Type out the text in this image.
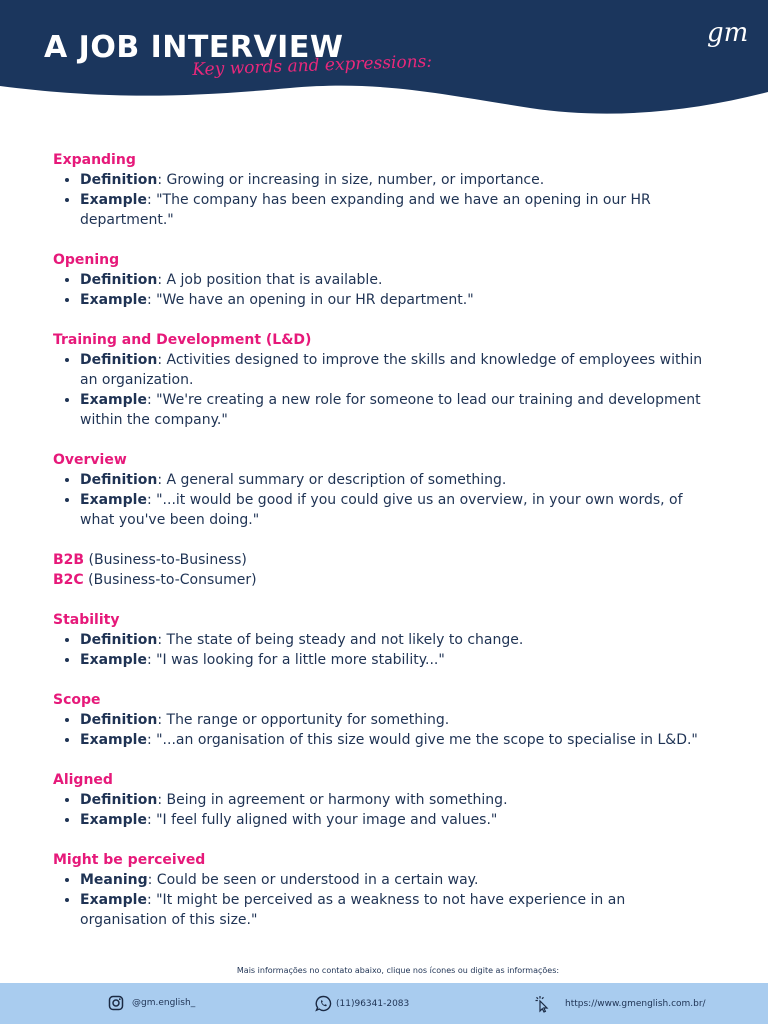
A JOB INTERVIEW
Key words and expressions:
gm

Expanding

• Definition: Growing or increasing in size, number, or importance.
• Example: "The company has been expanding and we have an opening in our HR department."

Opening

• Definition: A job position that is available.
• Example: "We have an opening in our HR department."

Training and Development (L&D)

• Definition: Activities designed to improve the skills and knowledge of employees within an organization.
• Example: "We're creating a new role for someone to lead our training and development within the company."

Overview

• Definition: A general summary or description of something.
• Example: "...it would be good if you could give us an overview, in your own words, of what you've been doing."

B2B (Business-to-Business)

B2C (Business-to-Consumer)

Stability

• Definition: The state of being steady and not likely to change.
• Example: "I was looking for a little more stability..."

Scope

• Definition: The range or opportunity for something.
• Example: "...an organisation of this size would give me the scope to specialise in L&D."

Aligned

• Definition: Being in agreement or harmony with something.
• Example: "I feel fully aligned with your image and values."

Might be perceived

• Meaning: Could be seen or understood in a certain way.
• Example: "It might be perceived as a weakness to not have experience in an organisation of this size."
Mais informações no contato abaixo, clique nos ícones ou digite as informações:
@gm.english_	(11)96341-2083	https://www.gmenglish.com.br/
